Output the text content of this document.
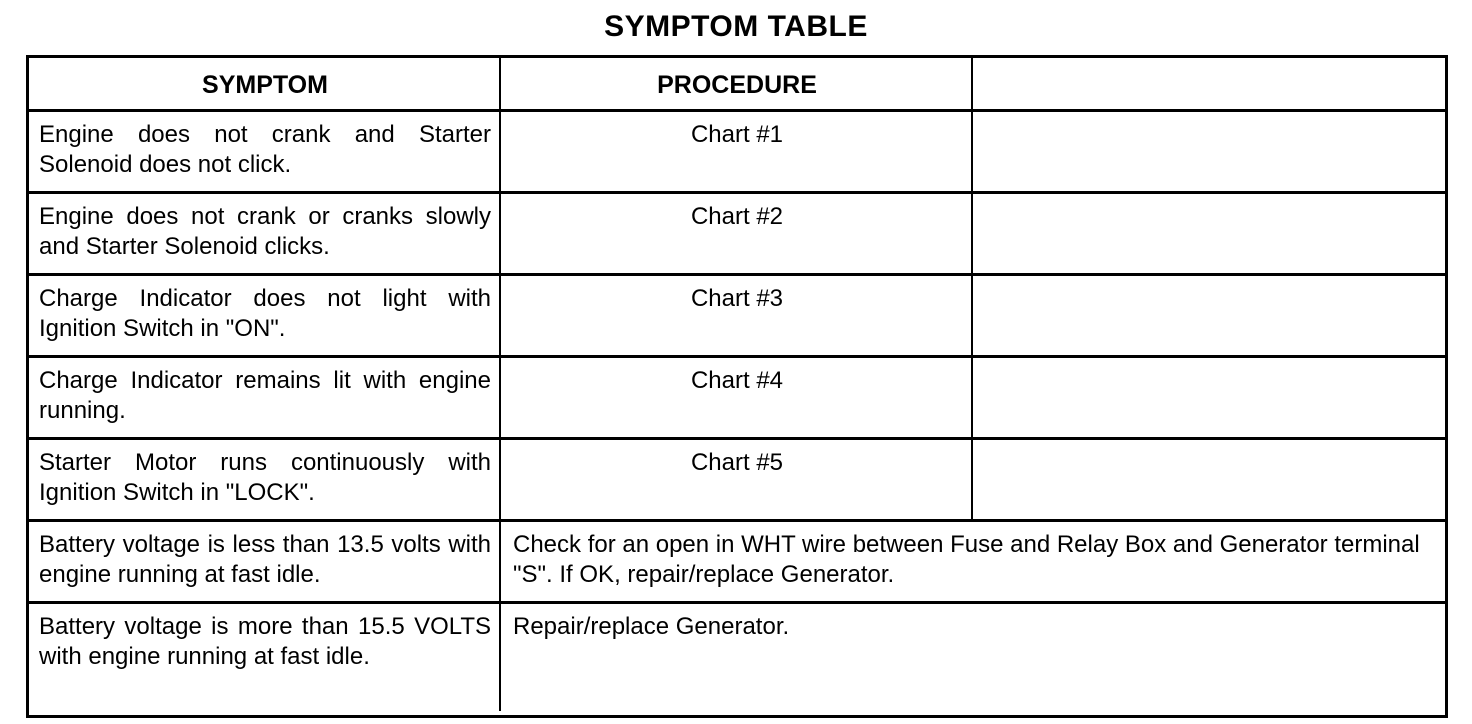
SYMPTOM TABLE
SYMPTOM	PROCEDURE
Engine does not crank and Starter Solenoid does not click.
Chart #1
Engine does not crank or cranks slowly and Starter Solenoid clicks.
Chart #2
Charge Indicator does not light with Ignition Switch in "ON".
Chart #3
Charge Indicator remains lit with engine running.
Chart #4
Starter Motor runs continuously with Ignition Switch in "LOCK".
Chart #5
Battery voltage is less than 13.5 volts with engine running at fast idle.
Check for an open in WHT wire between Fuse and Relay Box and Generator terminal "S". If OK, repair/replace Generator.
Battery voltage is more than 15.5 VOLTS with engine running at fast idle.
Repair/replace Generator.
